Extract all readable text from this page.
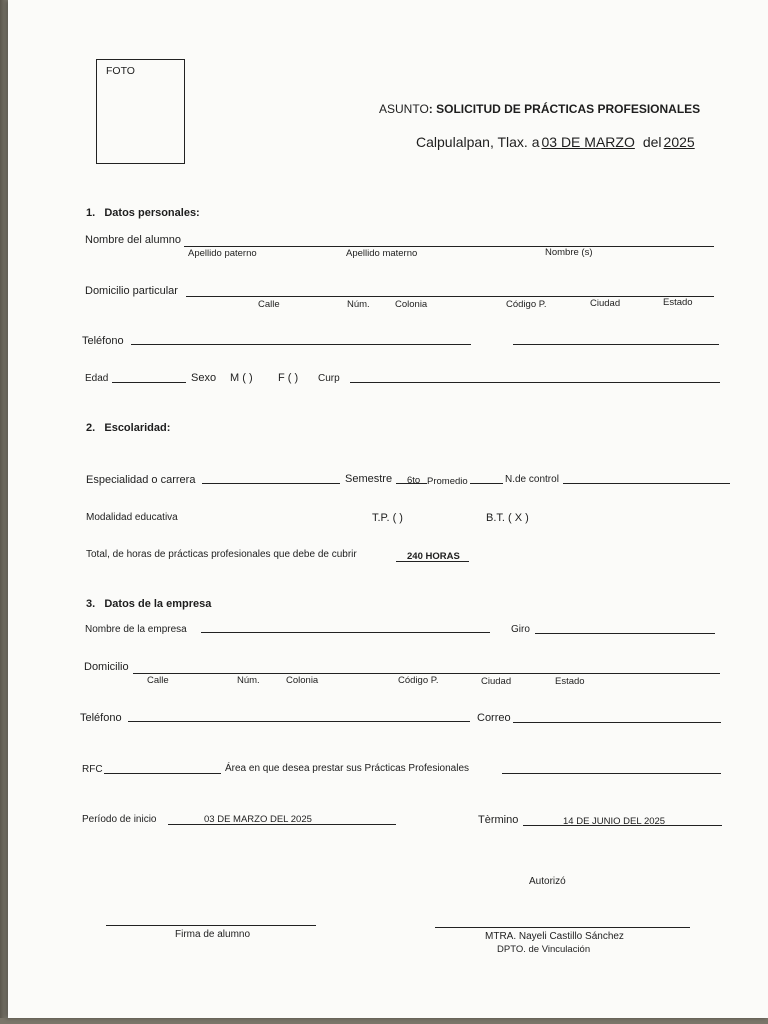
FOTO
ASUNTO: SOLICITUD DE PRÁCTICAS PROFESIONALES
Calpulalpan, Tlax. a 03 DE MARZO del 2025
1. Datos personales:
Nombre del alumno
Apellido paterno	Apellido materno	Nombre (s)
Domicilio particular
Calle	Núm.	Colonia	Código P.	Ciudad	Estado
Teléfono
Edad	Sexo M ( ) F ( ) Curp
2. Escolaridad:
Especialidad o carrera	Semestre 6to Promedio	N.de control
Modalidad educativa	T.P. ( )	B.T. ( X )
Total, de horas de prácticas profesionales que debe de cubrir	240 HORAS
3. Datos de la empresa
Nombre de la empresa	Giro
Domicilio
Calle	Núm.	Colonia	Código P.	Ciudad	Estado
Teléfono	Correo
RFC	Área en que desea prestar sus Prácticas Profesionales
Período de inicio	03 DE MARZO DEL 2025	Tèrmino	14 DE JUNIO DEL 2025
Autorizó
Firma de alumno	MTRA. Nayeli Castillo Sánchez
DPTO. de Vinculación
